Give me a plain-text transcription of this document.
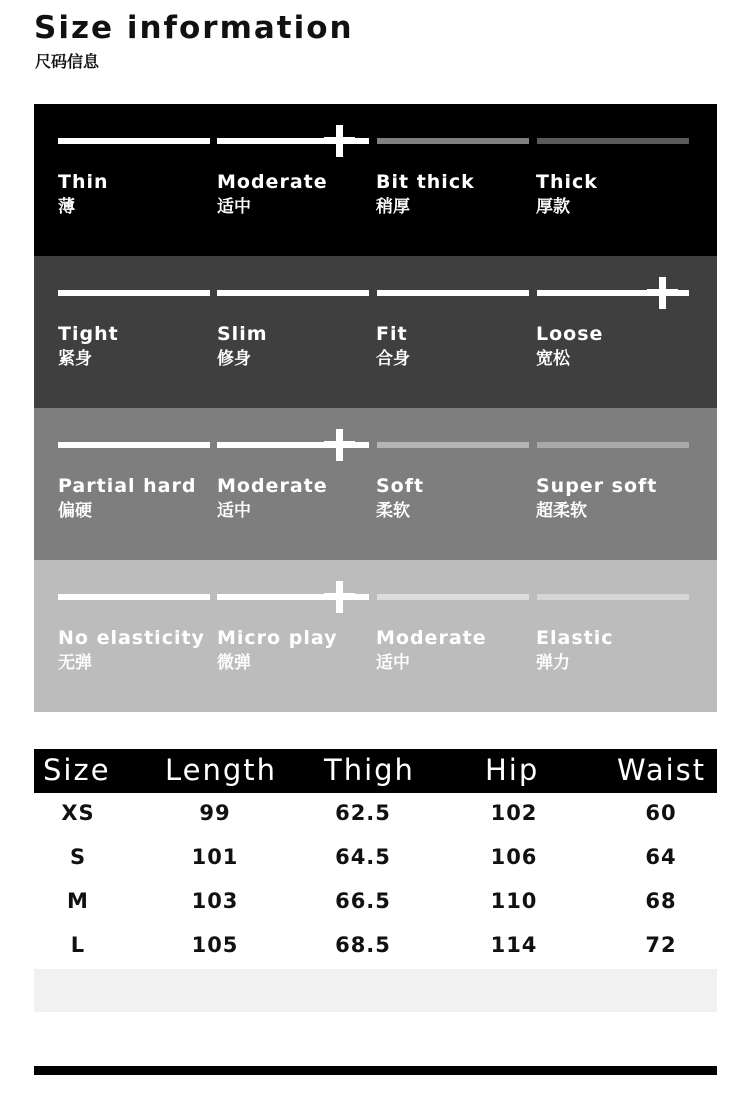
Size information
尺码信息
Thin
薄
Moderate
适中
Bit thick
稍厚
Thick
厚款
Tight
紧身
Slim
修身
Fit
合身
Loose
宽松
Partial hard
偏硬
Moderate
适中
Soft
柔软
Super soft
超柔软
No elasticity
无弹
Micro play
微弹
Moderate
适中
Elastic
弹力
Size Length Thigh Hip	Waist
XS	99	62.5	102	60
S	101	64.5	106	64
M	103	66.5	110	68
L	105	68.5	114	72
